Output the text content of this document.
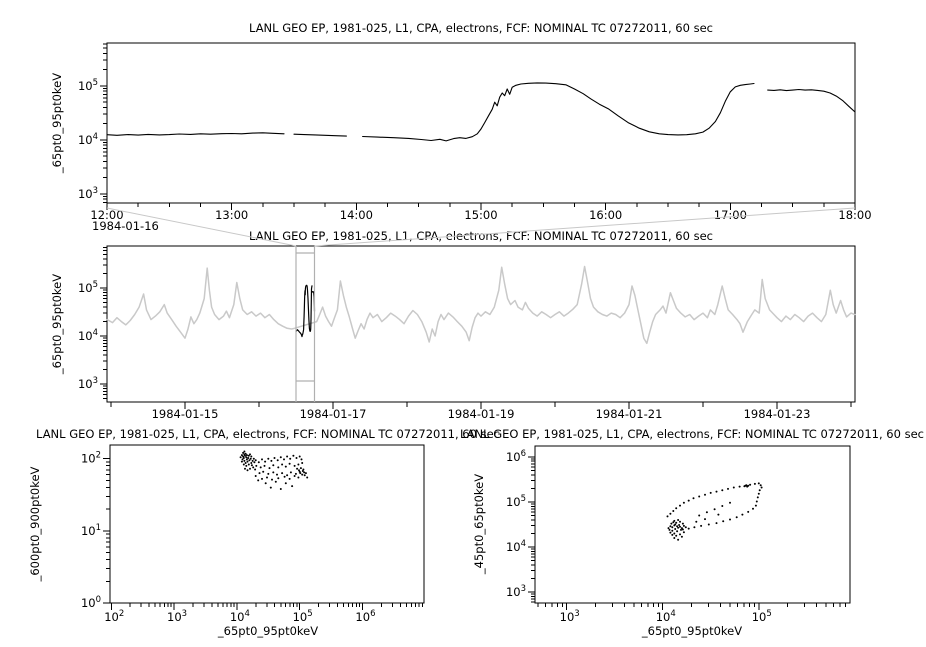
LANL GEO EP, 1981-025, L1, CPA, electrons, FCF: NOMINAL TC 07272011, 60 sec
LANL GEO EP, 1981-025, L1, CPA, electrons, FCF: NOMINAL TC 07272011, 60 sec
LANL GEO EP, 1981-025, L1, CPA, electrons, FCF: NOMINAL TC 07272011, 60 sec
LANL GEO EP, 1981-025, L1, CPA, electrons, FCF: NOMINAL TC 07272011, 60 sec
_65pt0_95pt0keV
_65pt0_95pt0keV
_600pt0_900pt0keV	_45pt0_65pt0keV
_65pt0_95pt0keV	_65pt0_95pt0keV
1984-01-16
$10^3$
$10^4$
$10^5$
12:00	13:00	14:00	15:00	16:00	17:00	18:00
$10^3$
$10^4$
$10^5$
1984-01-15	1984-01-17	1984-01-19	1984-01-21	1984-01-23
$10^0$
$10^1$
$10^2$
$10^2$	$10^3$	$10^4$	$10^5$	$10^6$
$10^3$
$10^4$
$10^5$
$10^6$
$10^3$	$10^4$	$10^5$
